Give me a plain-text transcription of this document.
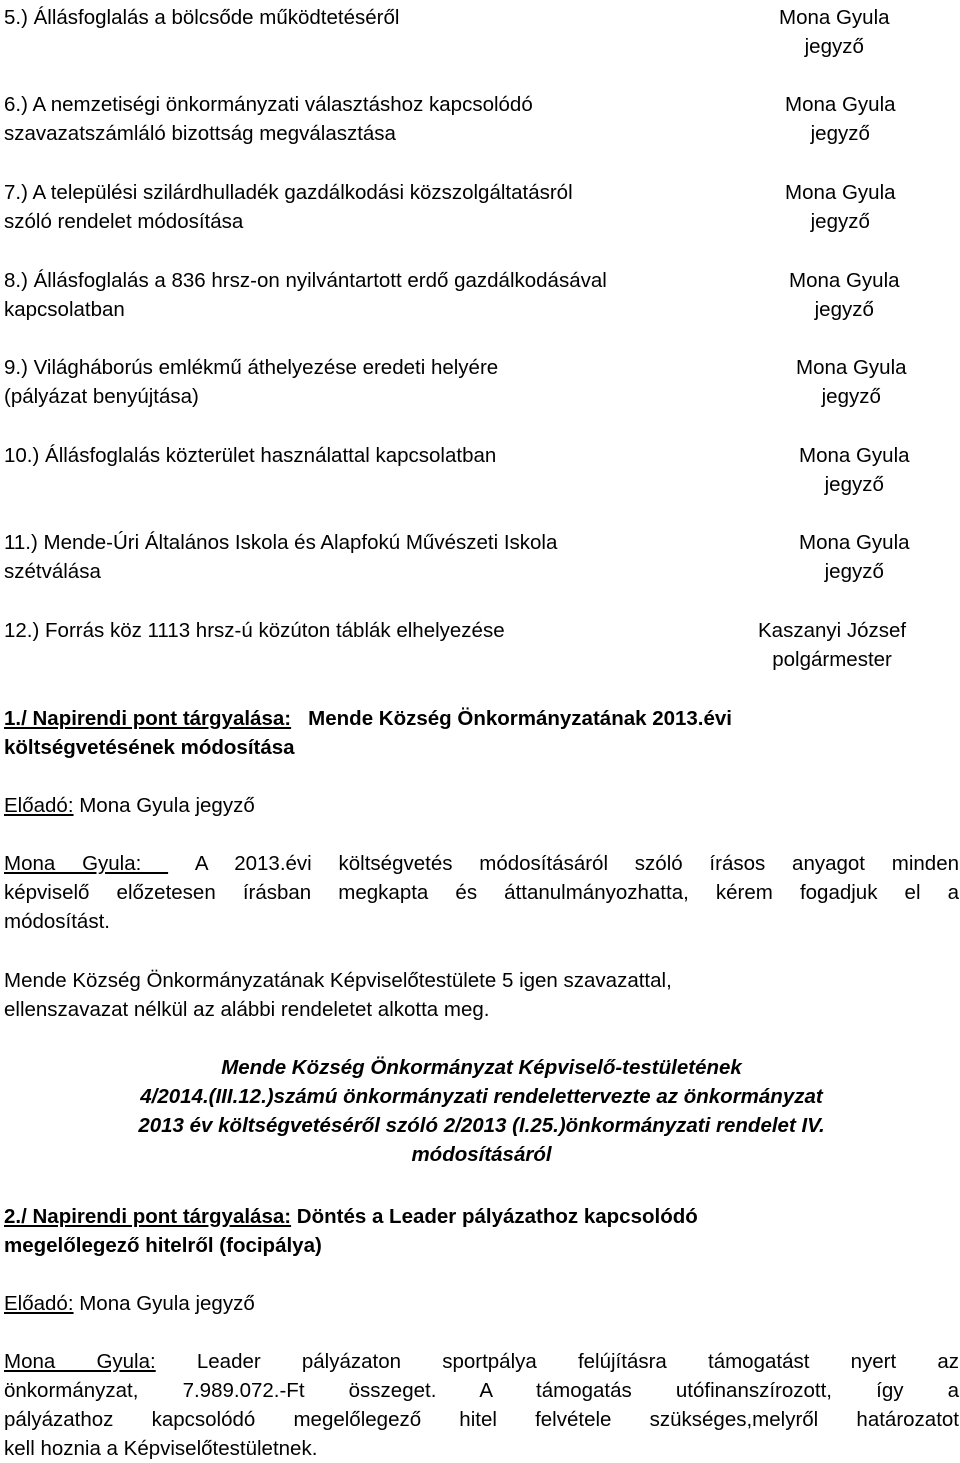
5.) Állásfoglalás a bölcsőde működtetéséről	Mona Gyula
jegyző
6.) A nemzetiségi önkormányzati választáshoz kapcsolódó
szavazatszámláló bizottság megválasztása
Mona Gyula
jegyző
7.) A települési szilárdhulladék gazdálkodási közszolgáltatásról
szóló rendelet módosítása
Mona Gyula
jegyző
8.) Állásfoglalás a 836 hrsz-on nyilvántartott erdő gazdálkodásával
kapcsolatban
Mona Gyula
jegyző
9.) Világháborús emlékmű áthelyezése eredeti helyére
(pályázat benyújtása)
Mona Gyula
jegyző
10.) Állásfoglalás közterület használattal kapcsolatban	Mona Gyula
jegyző
11.) Mende-Úri Általános Iskola és Alapfokú Művészeti Iskola
szétválása
Mona Gyula
jegyző
12.) Forrás köz 1113 hrsz-ú közúton táblák elhelyezése	Kaszanyi József
polgármester
1./ Napirendi pont tárgyalása: Mende Község Önkormányzatának 2013.évi
költségvetésének módosítása
Előadó: Mona Gyula jegyző
Mona Gyula:  A 2013.évi költségvetés módosításáról szóló írásos anyagot minden
képviselő előzetesen írásban megkapta és áttanulmányozhatta, kérem fogadjuk el a
módosítást.
Mende Község Önkormányzatának Képviselőtestülete 5 igen szavazattal,
ellenszavazat nélkül az alábbi rendeletet alkotta meg.
Mende Község Önkormányzat Képviselő-testületének
4/2014.(III.12.)számú önkormányzati rendelettervezte az önkormányzat
2013 év költségvetéséről szóló 2/2013 (I.25.)önkormányzati rendelet IV.
módosításáról
2./ Napirendi pont tárgyalása: Döntés a Leader pályázathoz kapcsolódó
megelőlegező hitelről (focipálya)
Előadó: Mona Gyula jegyző
Mona Gyula: Leader pályázaton sportpálya felújításra támogatást nyert az
önkormányzat, 7.989.072.-Ft összeget. A támogatás utófinanszírozott, így a
pályázathoz kapcsolódó megelőlegező hitel felvétele szükséges,melyről határozatot
kell hoznia a Képviselőtestületnek.
